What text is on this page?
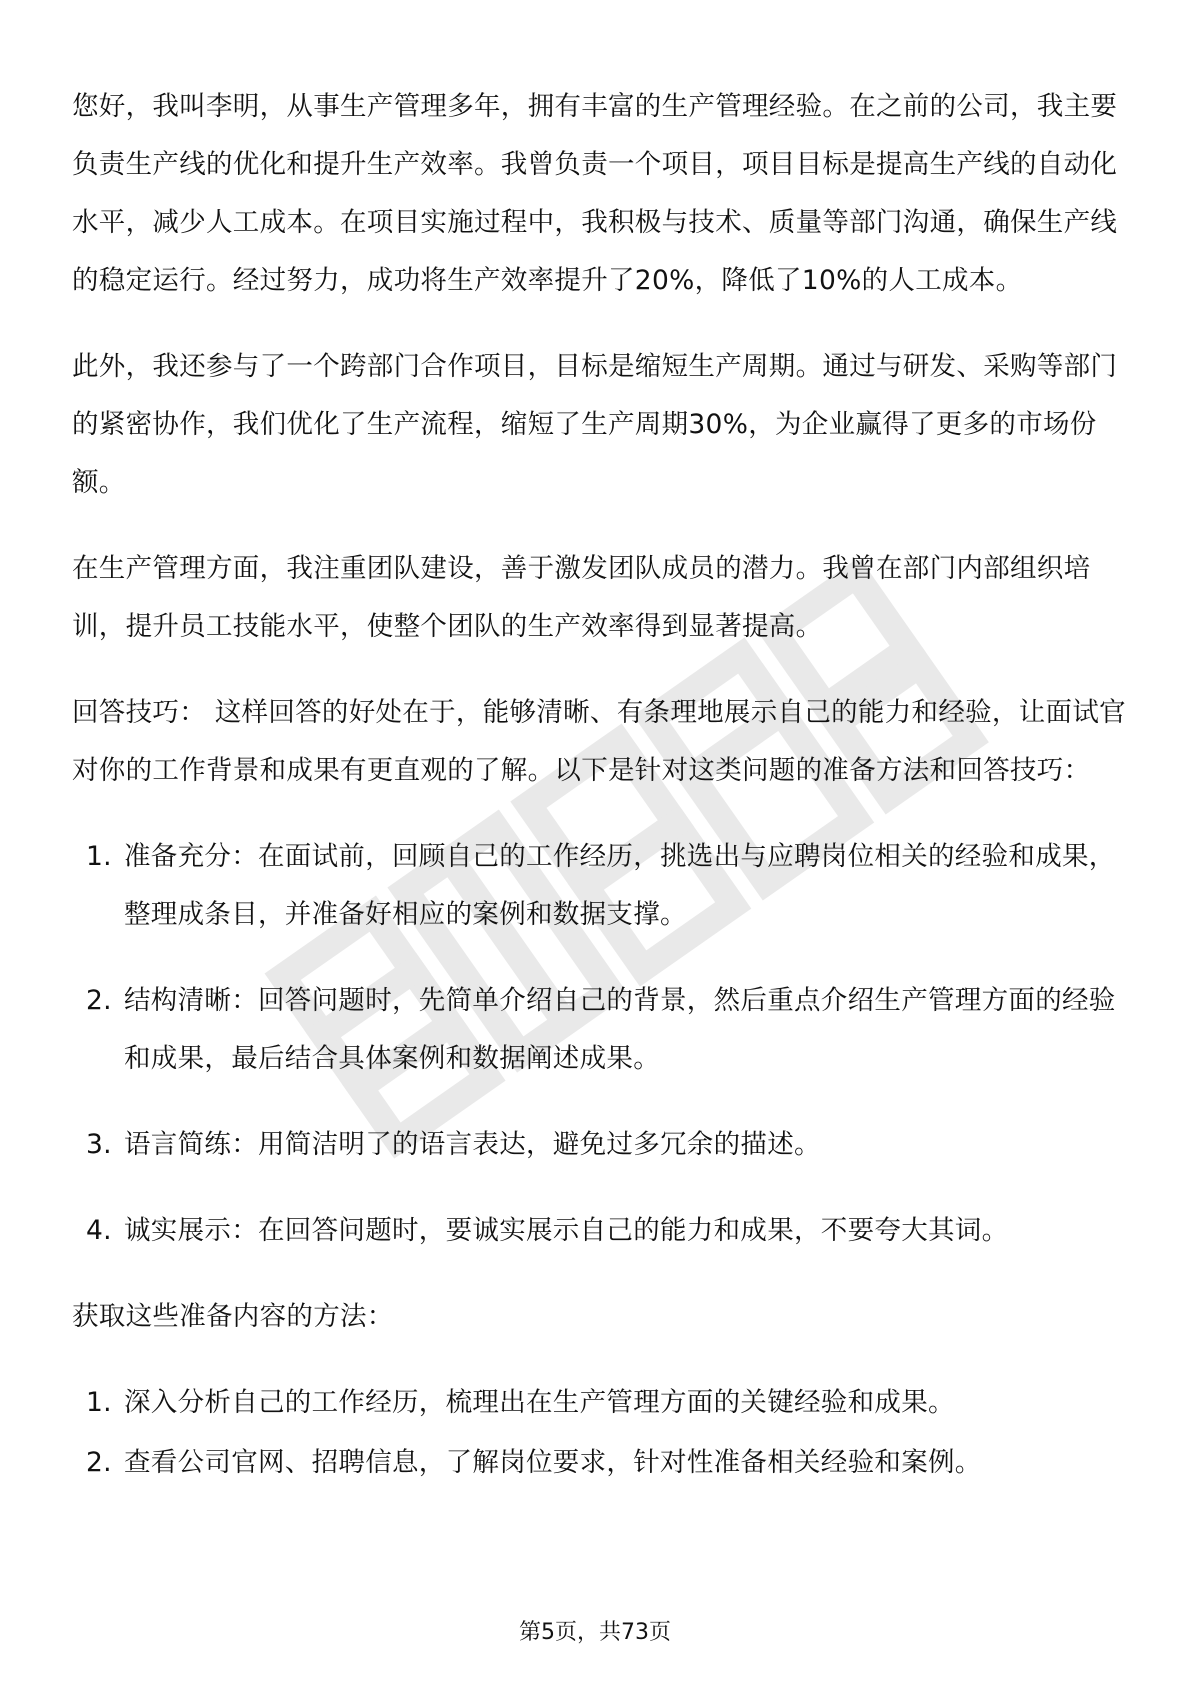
您好，我叫李明，从事生产管理多年，拥有丰富的生产管理经验。在之前的公司，我主要负责生产线的优化和提升生产效率。我曾负责一个项目，项目目标是提高生产线的自动化水平，减少人工成本。在项目实施过程中，我积极与技术、质量等部门沟通，确保生产线的稳定运行。经过努力，成功将生产效率提升了20%，降低了10%的人工成本。

此外，我还参与了一个跨部门合作项目，目标是缩短生产周期。通过与研发、采购等部门的紧密协作，我们优化了生产流程，缩短了生产周期30%，为企业赢得了更多的市场份额。

在生产管理方面，我注重团队建设，善于激发团队成员的潜力。我曾在部门内部组织培训，提升员工技能水平，使整个团队的生产效率得到显著提高。

回答技巧： 这样回答的好处在于，能够清晰、有条理地展示自己的能力和经验，让面试官对你的工作背景和成果有更直观的了解。以下是针对这类问题的准备方法和回答技巧：

1. 准备充分：在面试前，回顾自己的工作经历，挑选出与应聘岗位相关的经验和成果，整理成条目，并准备好相应的案例和数据支撑。
2. 结构清晰：回答问题时，先简单介绍自己的背景，然后重点介绍生产管理方面的经验和成果，最后结合具体案例和数据阐述成果。
3. 语言简练：用简洁明了的语言表达，避免过多冗余的描述。
4. 诚实展示：在回答问题时，要诚实展示自己的能力和成果，不要夸大其词。

获取这些准备内容的方法：

1. 深入分析自己的工作经历，梳理出在生产管理方面的关键经验和成果。
2. 查看公司官网、招聘信息，了解岗位要求，针对性准备相关经验和案例。
第5页，共73页
